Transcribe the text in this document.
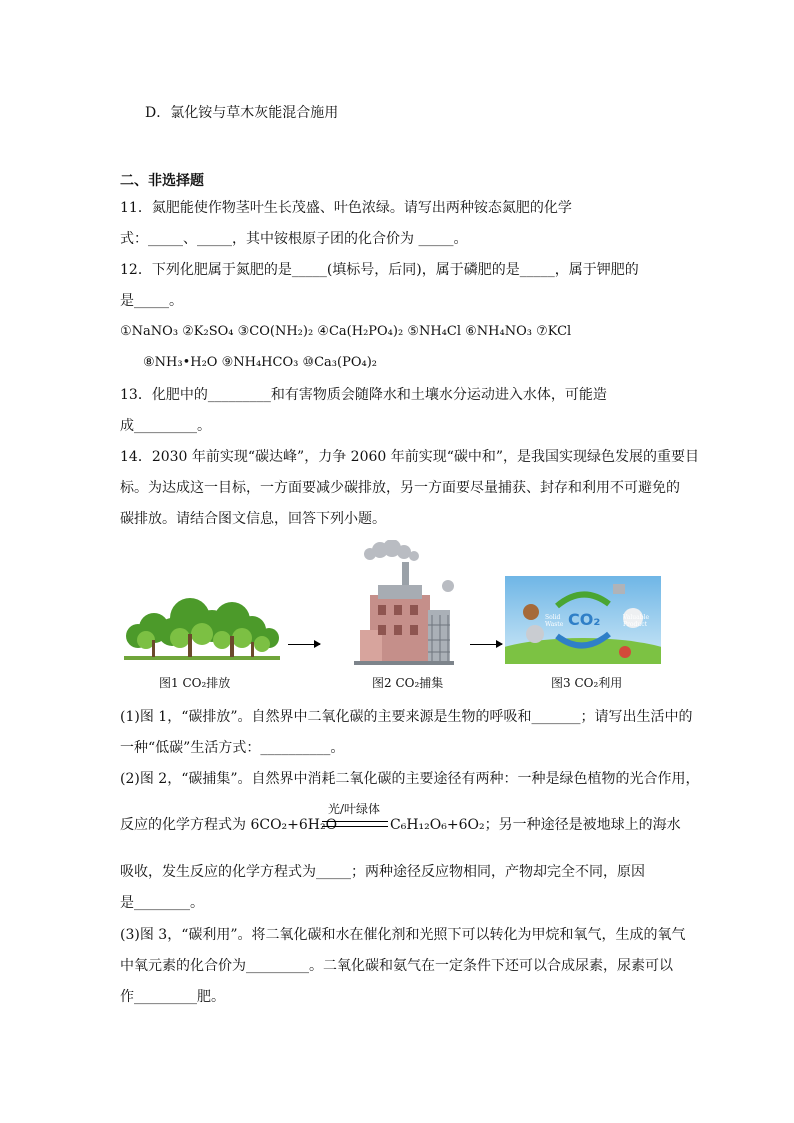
D．氯化铵与草木灰能混合施用
二、非选择题
11．氮肥能使作物茎叶生长茂盛、叶色浓绿。请写出两种铵态氮肥的化学
式：_____、_____，其中铵根原子团的化合价为 _____。
12．下列化肥属于氮肥的是_____(填标号，后同)，属于磷肥的是_____，属于钾肥的
是_____。
①NaNO₃ ②K₂SO₄ ③CO(NH₂)₂ ④Ca(H₂PO₄)₂ ⑤NH₄Cl ⑥NH₄NO₃ ⑦KCl
⑧NH₃•H₂O ⑨NH₄HCO₃ ⑩Ca₃(PO₄)₂
13．化肥中的_________和有害物质会随降水和土壤水分运动进入水体，可能造
成_________。
14．2030 年前实现“碳达峰”，力争 2060 年前实现“碳中和”，是我国实现绿色发展的重要目
标。为达成这一目标，一方面要减少碳排放，另一方面要尽量捕获、封存和利用不可避免的
碳排放。请结合图文信息，回答下列小题。
CO₂
Solid Waste
Valuable Product
图1 CO₂排放	图2 CO₂捕集	图3 CO₂利用
(1)图 1，“碳排放”。自然界中二氧化碳的主要来源是生物的呼吸和_______；请写出生活中的
一种“低碳”生活方式：__________。
(2)图 2，“碳捕集”。自然界中消耗二氧化碳的主要途径有两种：一种是绿色植物的光合作用，
反应的化学方程式为 6CO₂+6H₂O
光/叶绿体
C₆H₁₂O₆+6O₂；另一种途径是被地球上的海水
吸收，发生反应的化学方程式为_____；两种途径反应物相同，产物却完全不同，原因
是________。
(3)图 3，“碳利用”。将二氧化碳和水在催化剂和光照下可以转化为甲烷和氧气，生成的氧气
中氧元素的化合价为_________。二氧化碳和氨气在一定条件下还可以合成尿素，尿素可以
作_________肥。
